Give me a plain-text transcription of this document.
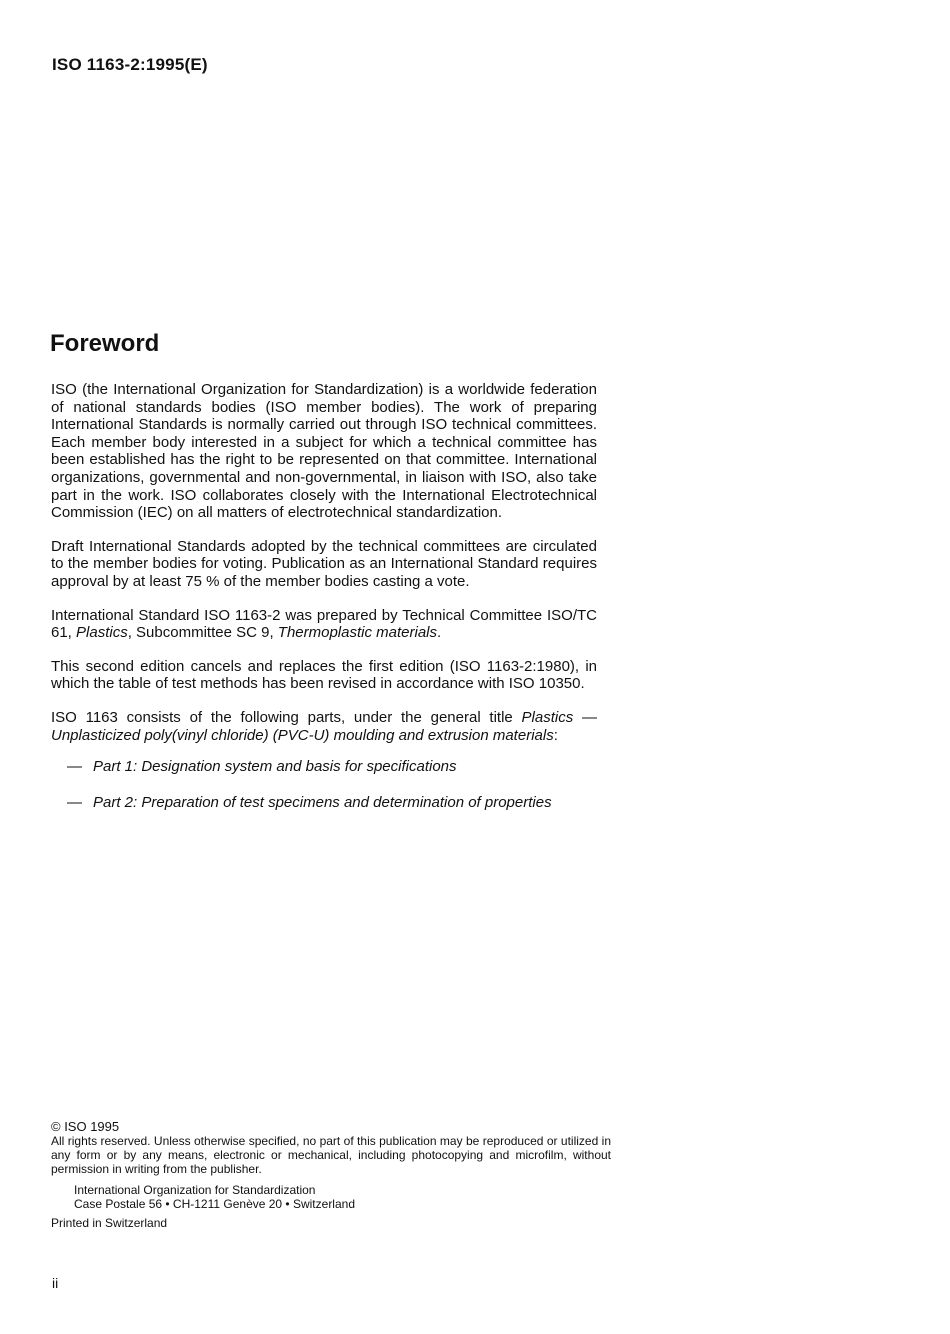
ISO 1163-2:1995(E)
Foreword

ISO (the International Organization for Standardization) is a worldwide federation of national standards bodies (ISO member bodies). The work of preparing International Standards is normally carried out through ISO technical committees. Each member body interested in a subject for which a technical committee has been established has the right to be represented on that committee. International organizations, governmental and non-governmental, in liaison with ISO, also take part in the work. ISO collaborates closely with the International Electrotechnical Commission (IEC) on all matters of electrotechnical standardization.

Draft International Standards adopted by the technical committees are circulated to the member bodies for voting. Publication as an International Standard requires approval by at least 75 % of the member bodies casting a vote.

International Standard ISO 1163-2 was prepared by Technical Committee ISO/TC 61, Plastics, Subcommittee SC 9, Thermoplastic materials.

This second edition cancels and replaces the first edition (ISO 1163-2:1980), in which the table of test methods has been revised in accordance with ISO 10350.

ISO 1163 consists of the following parts, under the general title Plastics — Unplasticized poly(vinyl chloride) (PVC-U) moulding and extrusion materials:

— Part 1: Designation system and basis for specifications
— Part 2: Preparation of test specimens and determination of properties
© ISO 1995

All rights reserved. Unless otherwise specified, no part of this publication may be reproduced or utilized in any form or by any means, electronic or mechanical, including photocopying and microfilm, without permission in writing from the publisher.

International Organization for Standardization
Case Postale 56 • CH-1211 Genève 20 • Switzerland
Printed in Switzerland
ii
